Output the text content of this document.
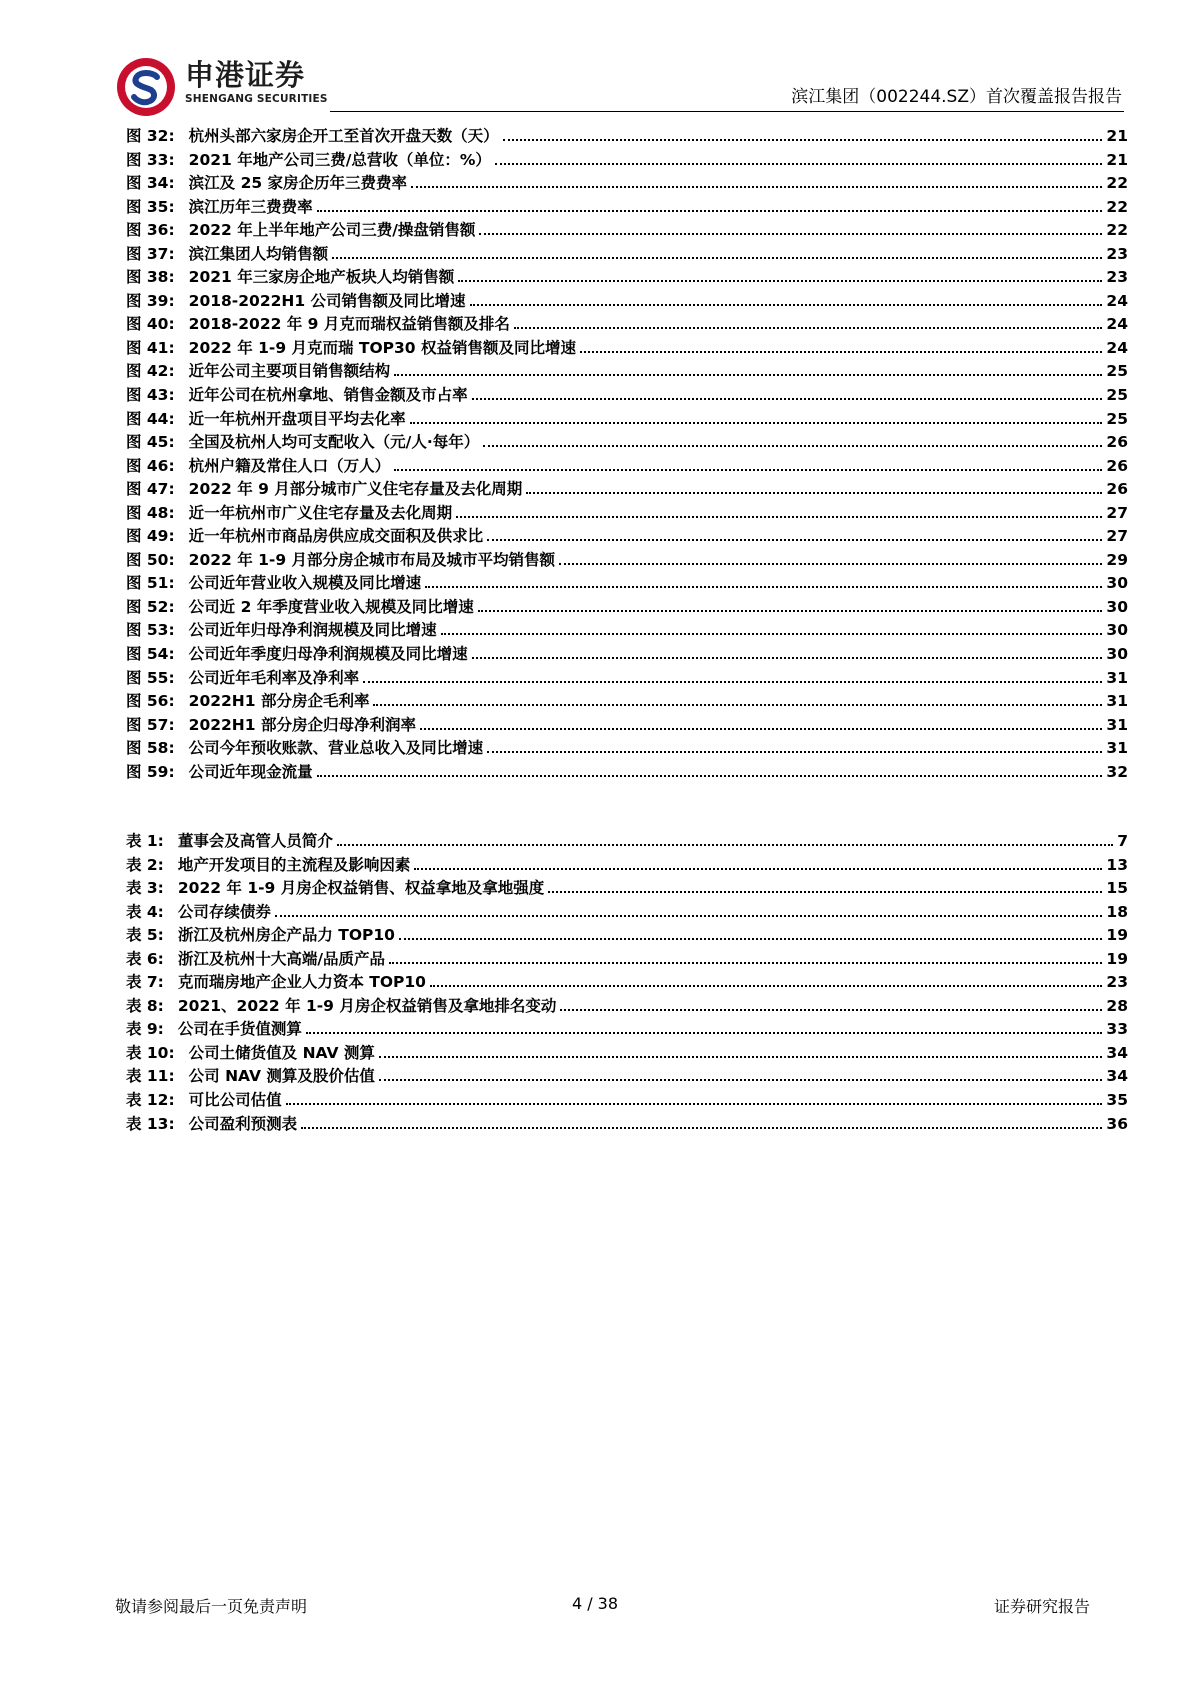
申港证券
SHENGANG SECURITIES	滨江集团（002244.SZ）首次覆盖报告报告
图 32: 杭州头部六家房企开工至首次开盘天数（天）	21
图 33: 2021 年地产公司三费/总营收（单位：%）	21
图 34: 滨江及 25 家房企历年三费费率	22
图 35: 滨江历年三费费率	22
图 36: 2022 年上半年地产公司三费/操盘销售额	22
图 37: 滨江集团人均销售额	23
图 38: 2021 年三家房企地产板块人均销售额	23
图 39: 2018-2022H1 公司销售额及同比增速	24
图 40: 2018-2022 年 9 月克而瑞权益销售额及排名	24
图 41: 2022 年 1-9 月克而瑞 TOP30 权益销售额及同比增速	24
图 42: 近年公司主要项目销售额结构	25
图 43: 近年公司在杭州拿地、销售金额及市占率	25
图 44: 近一年杭州开盘项目平均去化率	25
图 45: 全国及杭州人均可支配收入（元/人·每年）	26
图 46: 杭州户籍及常住人口（万人）	26
图 47: 2022 年 9 月部分城市广义住宅存量及去化周期	26
图 48: 近一年杭州市广义住宅存量及去化周期	27
图 49: 近一年杭州市商品房供应成交面积及供求比	27
图 50: 2022 年 1-9 月部分房企城市布局及城市平均销售额	29
图 51: 公司近年营业收入规模及同比增速	30
图 52: 公司近 2 年季度营业收入规模及同比增速	30
图 53: 公司近年归母净利润规模及同比增速	30
图 54: 公司近年季度归母净利润规模及同比增速	30
图 55: 公司近年毛利率及净利率	31
图 56: 2022H1 部分房企毛利率	31
图 57: 2022H1 部分房企归母净利润率	31
图 58: 公司今年预收账款、营业总收入及同比增速	31
图 59: 公司近年现金流量	32
表 1: 董事会及高管人员简介	7
表 2: 地产开发项目的主流程及影响因素	13
表 3: 2022 年 1-9 月房企权益销售、权益拿地及拿地强度	15
表 4: 公司存续债券	18
表 5: 浙江及杭州房企产品力 TOP10	19
表 6: 浙江及杭州十大高端/品质产品	19
表 7: 克而瑞房地产企业人力资本 TOP10	23
表 8: 2021、2022 年 1-9 月房企权益销售及拿地排名变动	28
表 9: 公司在手货值测算	33
表 10: 公司土储货值及 NAV 测算	34
表 11: 公司 NAV 测算及股价估值	34
表 12: 可比公司估值	35
表 13: 公司盈利预测表	36
敬请参阅最后一页免责声明	4 / 38	证券研究报告
